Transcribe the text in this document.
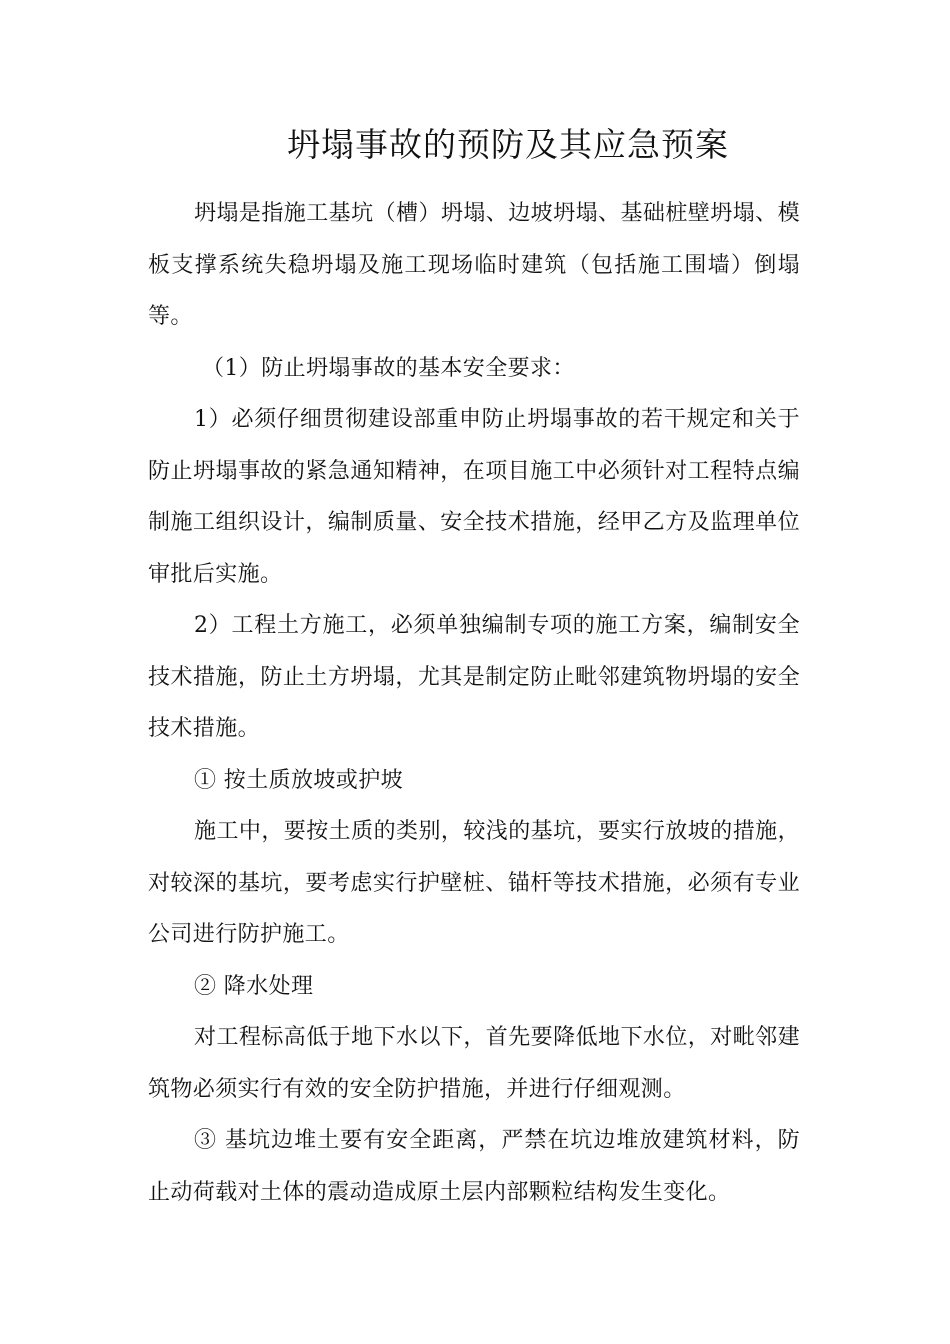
坍塌事故的预防及其应急预案

坍塌是指施工基坑（槽）坍塌、边坡坍塌、基础桩壁坍塌、模板支撑系统失稳坍塌及施工现场临时建筑（包括施工围墙）倒塌等。

（1）防止坍塌事故的基本安全要求：

1）必须仔细贯彻建设部重申防止坍塌事故的若干规定和关于防止坍塌事故的紧急通知精神，在项目施工中必须针对工程特点编制施工组织设计，编制质量、安全技术措施，经甲乙方及监理单位审批后实施。

2）工程土方施工，必须单独编制专项的施工方案，编制安全技术措施，防止土方坍塌，尤其是制定防止毗邻建筑物坍塌的安全技术措施。

① 按土质放坡或护坡

施工中，要按土质的类别，较浅的基坑，要实行放坡的措施，对较深的基坑，要考虑实行护壁桩、锚杆等技术措施，必须有专业公司进行防护施工。

② 降水处理

对工程标高低于地下水以下，首先要降低地下水位，对毗邻建筑物必须实行有效的安全防护措施，并进行仔细观测。

③ 基坑边堆土要有安全距离，严禁在坑边堆放建筑材料，防止动荷载对土体的震动造成原土层内部颗粒结构发生变化。
